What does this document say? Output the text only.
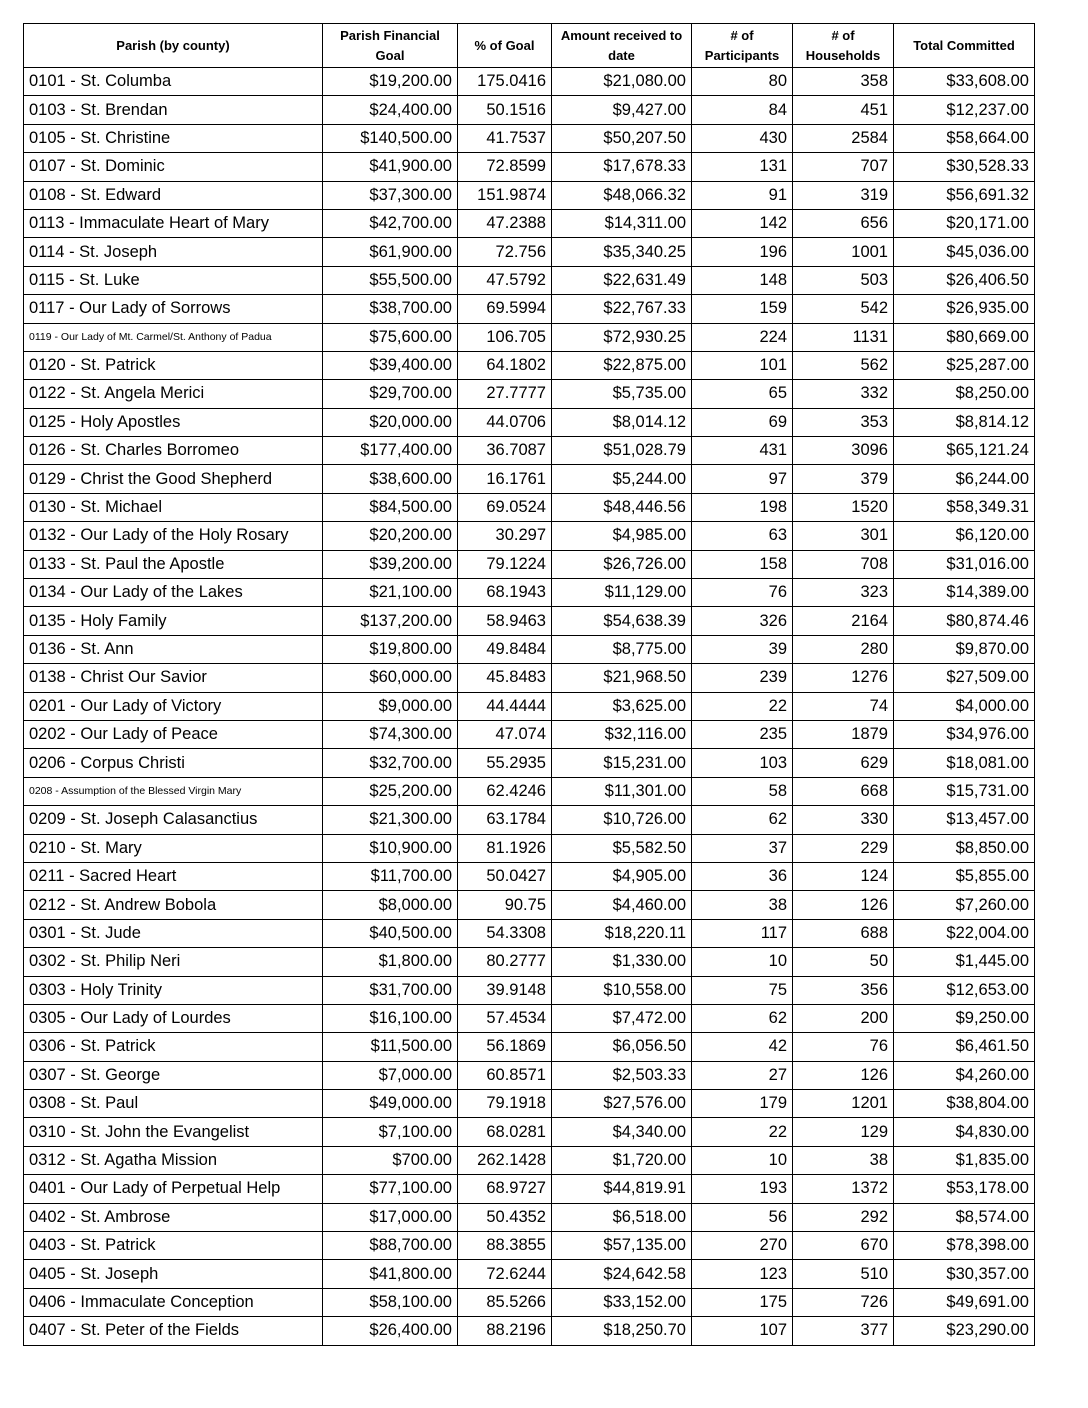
Parish (by county)	Parish Financial Goal	% of Goal	Amount received to date	# of Participants	# of Households	Total Committed
0101 - St. Columba	$19,200.00	175.0416	$21,080.00	80	358	$33,608.00
0103 - St. Brendan	$24,400.00	50.1516	$9,427.00	84	451	$12,237.00
0105 - St. Christine	$140,500.00	41.7537	$50,207.50	430	2584	$58,664.00
0107 - St. Dominic	$41,900.00	72.8599	$17,678.33	131	707	$30,528.33
0108 - St. Edward	$37,300.00	151.9874	$48,066.32	91	319	$56,691.32
0113 - Immaculate Heart of Mary	$42,700.00	47.2388	$14,311.00	142	656	$20,171.00
0114 - St. Joseph	$61,900.00	72.756	$35,340.25	196	1001	$45,036.00
0115 - St. Luke	$55,500.00	47.5792	$22,631.49	148	503	$26,406.50
0117 - Our Lady of Sorrows	$38,700.00	69.5994	$22,767.33	159	542	$26,935.00
0119 - Our Lady of Mt. Carmel/St. Anthony of Padua	$75,600.00	106.705	$72,930.25	224	1131	$80,669.00
0120 - St. Patrick	$39,400.00	64.1802	$22,875.00	101	562	$25,287.00
0122 - St. Angela Merici	$29,700.00	27.7777	$5,735.00	65	332	$8,250.00
0125 - Holy Apostles	$20,000.00	44.0706	$8,014.12	69	353	$8,814.12
0126 - St. Charles Borromeo	$177,400.00	36.7087	$51,028.79	431	3096	$65,121.24
0129 - Christ the Good Shepherd	$38,600.00	16.1761	$5,244.00	97	379	$6,244.00
0130 - St. Michael	$84,500.00	69.0524	$48,446.56	198	1520	$58,349.31
0132 - Our Lady of the Holy Rosary	$20,200.00	30.297	$4,985.00	63	301	$6,120.00
0133 - St. Paul the Apostle	$39,200.00	79.1224	$26,726.00	158	708	$31,016.00
0134 - Our Lady of the Lakes	$21,100.00	68.1943	$11,129.00	76	323	$14,389.00
0135 - Holy Family	$137,200.00	58.9463	$54,638.39	326	2164	$80,874.46
0136 - St. Ann	$19,800.00	49.8484	$8,775.00	39	280	$9,870.00
0138 - Christ Our Savior	$60,000.00	45.8483	$21,968.50	239	1276	$27,509.00
0201 - Our Lady of Victory	$9,000.00	44.4444	$3,625.00	22	74	$4,000.00
0202 - Our Lady of Peace	$74,300.00	47.074	$32,116.00	235	1879	$34,976.00
0206 - Corpus Christi	$32,700.00	55.2935	$15,231.00	103	629	$18,081.00
0208 - Assumption of the Blessed Virgin Mary	$25,200.00	62.4246	$11,301.00	58	668	$15,731.00
0209 - St. Joseph Calasanctius	$21,300.00	63.1784	$10,726.00	62	330	$13,457.00
0210 - St. Mary	$10,900.00	81.1926	$5,582.50	37	229	$8,850.00
0211 - Sacred Heart	$11,700.00	50.0427	$4,905.00	36	124	$5,855.00
0212 - St. Andrew Bobola	$8,000.00	90.75	$4,460.00	38	126	$7,260.00
0301 - St. Jude	$40,500.00	54.3308	$18,220.11	117	688	$22,004.00
0302 - St. Philip Neri	$1,800.00	80.2777	$1,330.00	10	50	$1,445.00
0303 - Holy Trinity	$31,700.00	39.9148	$10,558.00	75	356	$12,653.00
0305 - Our Lady of Lourdes	$16,100.00	57.4534	$7,472.00	62	200	$9,250.00
0306 - St. Patrick	$11,500.00	56.1869	$6,056.50	42	76	$6,461.50
0307 - St. George	$7,000.00	60.8571	$2,503.33	27	126	$4,260.00
0308 - St. Paul	$49,000.00	79.1918	$27,576.00	179	1201	$38,804.00
0310 - St. John the Evangelist	$7,100.00	68.0281	$4,340.00	22	129	$4,830.00
0312 - St. Agatha Mission	$700.00	262.1428	$1,720.00	10	38	$1,835.00
0401 - Our Lady of Perpetual Help	$77,100.00	68.9727	$44,819.91	193	1372	$53,178.00
0402 - St. Ambrose	$17,000.00	50.4352	$6,518.00	56	292	$8,574.00
0403 - St. Patrick	$88,700.00	88.3855	$57,135.00	270	670	$78,398.00
0405 - St. Joseph	$41,800.00	72.6244	$24,642.58	123	510	$30,357.00
0406 - Immaculate Conception	$58,100.00	85.5266	$33,152.00	175	726	$49,691.00
0407 - St. Peter of the Fields	$26,400.00	88.2196	$18,250.70	107	377	$23,290.00
